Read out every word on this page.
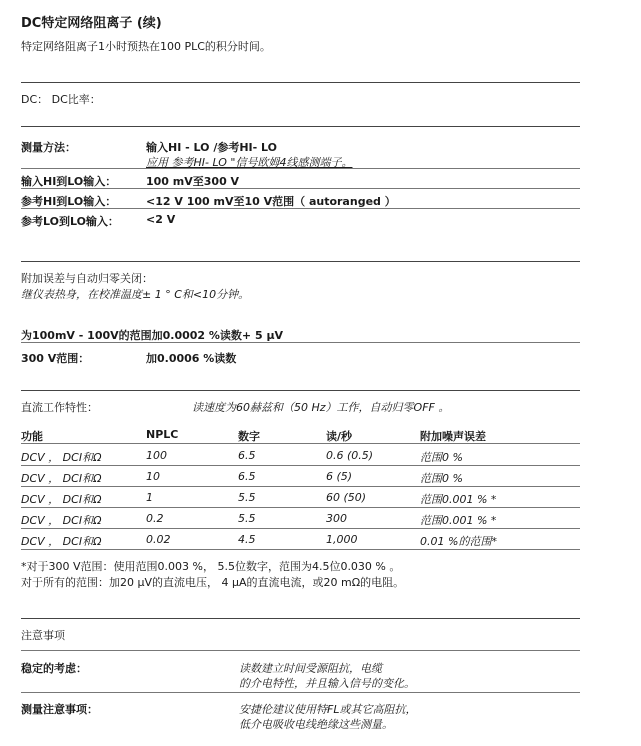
DC特定网络阻离子 (续)
特定网络阻离子1小时预热在100 PLC的积分时间。
DC： DC比率：
测量方法：	输入HI - LO /参考HI- LO
应用 参考HI- LO "信号欧姆4线感测端子。
输入HI到LO输入：	100 mV至300 V
参考HI到LO输入：	<12 V 100 mV至10 V范围（ autoranged ）
参考LO到LO输入： <2 V
附加误差与自动归零关闭：
继仪表热身，在校准温度± 1 ° C和<10分钟。
为100mV - 100V的范围加0.0002 %读数+ 5 μV
300 V范围：	加0.0006 %读数
直流工作特性：	读速度为60赫兹和（50 Hz）工作，自动归零OFF 。
功能	NPLC	数字	读/秒	附加噪声误差
DCV ， DCI和Ω	100	6.5	0.6 (0.5)	范围0 %
DCV ， DCI和Ω	10	6.5	6 (5)	范围0 %
DCV ， DCI和Ω	1	5.5	60 (50)	范围0.001 % *
DCV ， DCI和Ω	0.2	5.5	300	范围0.001 % *
DCV ， DCI和Ω	0.02	4.5	1,000	0.01 %的范围*
*对于300 V范围：使用范围0.003 %， 5.5位数字，范围为4.5位0.030 % 。
对于所有的范围：加20 μV的直流电压， 4 μA的直流电流，或20 mΩ的电阻。
注意事项
稳定的考虑：	读数建立时间受源阻抗，电缆
的介电特性，并且输入信号的变化。
测量注意事项：	安捷伦建议使用特FL或其它高阻抗，
低介电吸收电线绝缘这些测量。
